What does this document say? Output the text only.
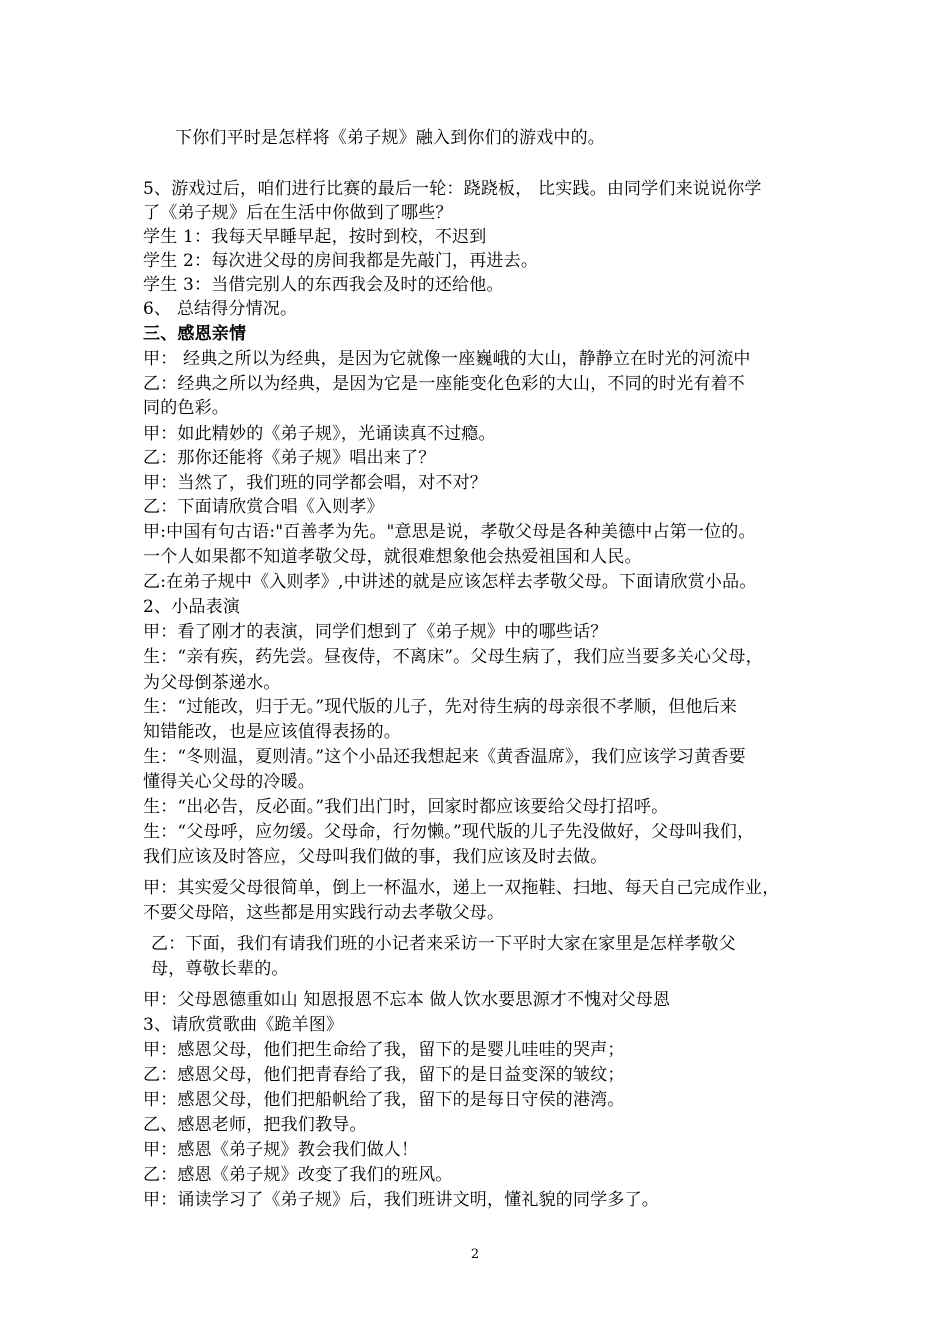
下你们平时是怎样将《弟子规》融入到你们的游戏中的。
5、游戏过后，咱们进行比赛的最后一轮：跷跷板， 比实践。由同学们来说说你学
了《弟子规》后在生活中你做到了哪些？
学生 1：我每天早睡早起，按时到校，不迟到
学生 2：每次进父母的房间我都是先敲门，再进去。
学生 3：当借完别人的东西我会及时的还给他。
6、 总结得分情况。
三、感恩亲情
甲： 经典之所以为经典，是因为它就像一座巍峨的大山，静静立在时光的河流中
乙：经典之所以为经典，是因为它是一座能变化色彩的大山，不同的时光有着不
同的色彩。
甲：如此精妙的《弟子规》，光诵读真不过瘾。
乙：那你还能将《弟子规》唱出来了？
甲：当然了，我们班的同学都会唱，对不对？
乙：下面请欣赏合唱《入则孝》
甲:中国有句古语:"百善孝为先。"意思是说，孝敬父母是各种美德中占第一位的。
一个人如果都不知道孝敬父母，就很难想象他会热爱祖国和人民。
乙:在弟子规中《入则孝》,中讲述的就是应该怎样去孝敬父母。下面请欣赏小品。
2、小品表演
甲：看了刚才的表演，同学们想到了《弟子规》中的哪些话？
生：“亲有疾，药先尝。昼夜侍，不离床”。父母生病了，我们应当要多关心父母，
为父母倒茶递水。
生：“过能改，归于无。”现代版的儿子，先对待生病的母亲很不孝顺，但他后来
知错能改，也是应该值得表扬的。
生：“冬则温，夏则清。”这个小品还我想起来《黄香温席》，我们应该学习黄香要
懂得关心父母的冷暖。
生：“出必告，反必面。”我们出门时，回家时都应该要给父母打招呼。
生：“父母呼，应勿缓。父母命，行勿懒。”现代版的儿子先没做好，父母叫我们，
我们应该及时答应，父母叫我们做的事，我们应该及时去做。
甲：其实爱父母很简单，倒上一杯温水，递上一双拖鞋、扫地、每天自己完成作业，
不要父母陪，这些都是用实践行动去孝敬父母。
乙：下面，我们有请我们班的小记者来采访一下平时大家在家里是怎样孝敬父
母，尊敬长辈的。
甲：父母恩德重如山 知恩报恩不忘本 做人饮水要思源才不愧对父母恩
3、请欣赏歌曲《跪羊图》
甲：感恩父母，他们把生命给了我，留下的是婴儿哇哇的哭声；
乙：感恩父母，他们把青春给了我，留下的是日益变深的皱纹；
甲：感恩父母，他们把船帆给了我，留下的是每日守侯的港湾。
乙、感恩老师，把我们教导。
甲：感恩《弟子规》教会我们做人！
乙：感恩《弟子规》改变了我们的班风。
甲：诵读学习了《弟子规》后，我们班讲文明，懂礼貌的同学多了。
2
